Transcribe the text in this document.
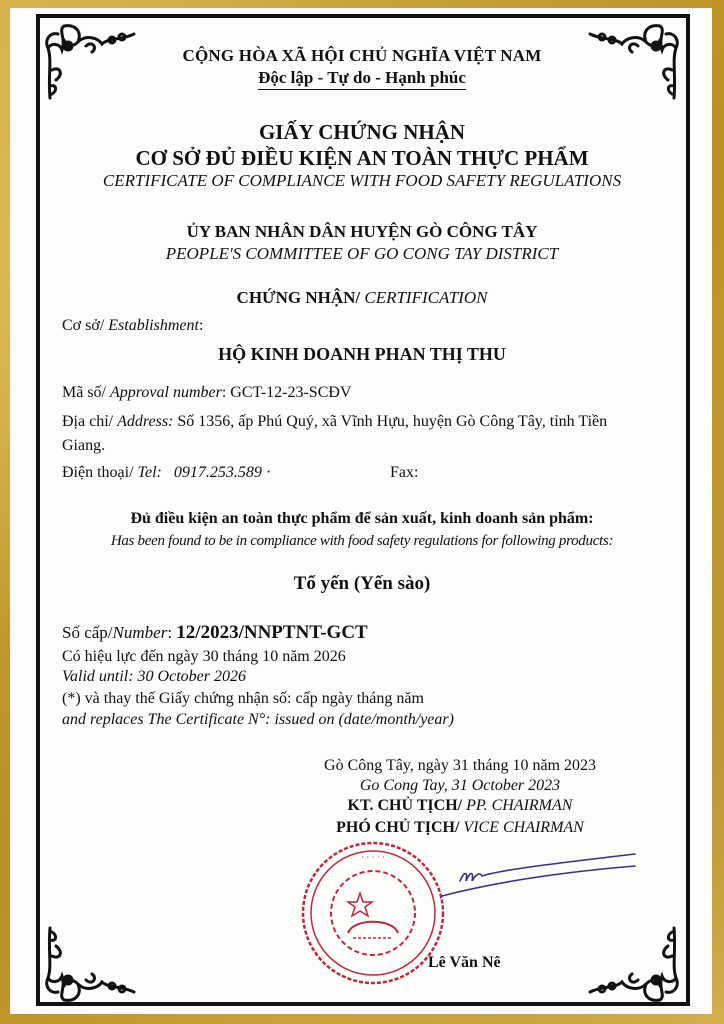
CỘNG HÒA XÃ HỘI CHỦ NGHĨA VIỆT NAM
Độc lập - Tự do - Hạnh phúc
GIẤY CHỨNG NHẬN
CƠ SỞ ĐỦ ĐIỀU KIỆN AN TOÀN THỰC PHẨM
CERTIFICATE OF COMPLIANCE WITH FOOD SAFETY REGULATIONS
ỦY BAN NHÂN DÂN HUYỆN GÒ CÔNG TÂY
PEOPLE'S COMMITTEE OF GO CONG TAY DISTRICT
CHỨNG NHẬN/ CERTIFICATION
Cơ sở/ Establishment:
HỘ KINH DOANH PHAN THỊ THU
Mã số/ Approval number: GCT-12-23-SCĐV
Địa chỉ/ Address: Số 1356, ấp Phú Quý, xã Vĩnh Hựu, huyện Gò Công Tây, tỉnh Tiền
Giang.
Điện thoại/ Tel: 0917.253.589 ·	Fax:
Đủ điều kiện an toàn thực phẩm để sản xuất, kinh doanh sản phẩm:
Has been found to be in compliance with food safety regulations for following products:
Tổ yến (Yến sào)
Số cấp/Number: 12/2023/NNPTNT-GCT
Có hiệu lực đến ngày 30 tháng 10 năm 2026
Valid until: 30 October 2026
(*) và thay thế Giấy chứng nhận số: cấp ngày tháng năm
and replaces The Certificate N°: issued on (date/month/year)
Gò Công Tây, ngày 31 tháng 10 năm 2023
Go Cong Tay, 31 October 2023
KT. CHỦ TỊCH/ PP. CHAIRMAN
PHÓ CHỦ TỊCH/ VICE CHAIRMAN
· · · · ·
Lê Văn Nê
